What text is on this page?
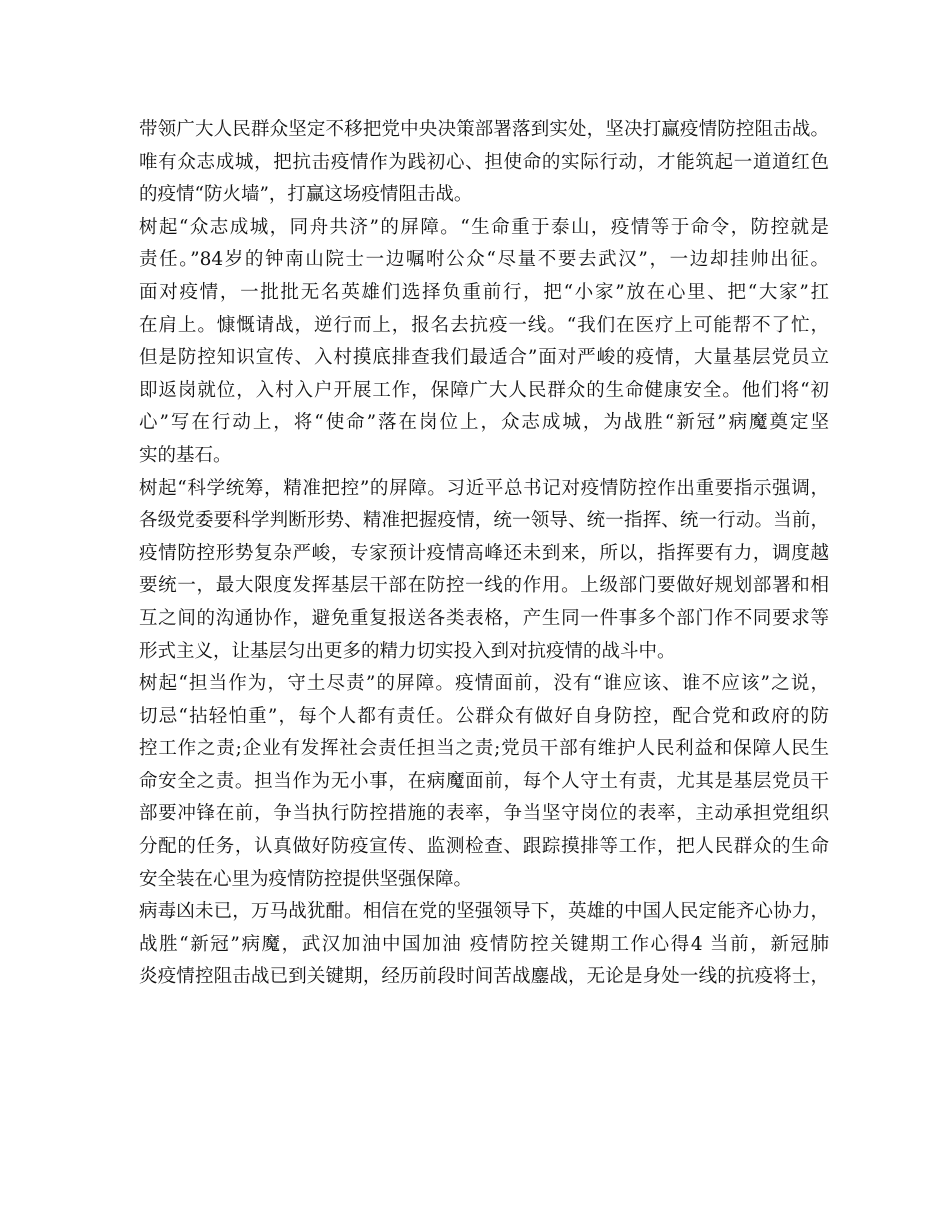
带领广大人民群众坚定不移把党中央决策部署落到实处，坚决打赢疫情防控阻击战。
唯有众志成城，把抗击疫情作为践初心、担使命的实际行动，才能筑起一道道红色
的疫情“防火墙”，打赢这场疫情阻击战。
树起“众志成城，同舟共济”的屏障。“生命重于泰山，疫情等于命令，防控就是
责任。”84岁的钟南山院士一边嘱咐公众“尽量不要去武汉”，一边却挂帅出征。
面对疫情，一批批无名英雄们选择负重前行，把“小家”放在心里、把“大家”扛
在肩上。慷慨请战，逆行而上，报名去抗疫一线。“我们在医疗上可能帮不了忙，
但是防控知识宣传、入村摸底排查我们最适合”面对严峻的疫情，大量基层党员立
即返岗就位，入村入户开展工作，保障广大人民群众的生命健康安全。他们将“初
心”写在行动上，将“使命”落在岗位上，众志成城，为战胜“新冠”病魔奠定坚
实的基石。
树起“科学统筹，精准把控”的屏障。习近平总书记对疫情防控作出重要指示强调，
各级党委要科学判断形势、精准把握疫情，统一领导、统一指挥、统一行动。当前，
疫情防控形势复杂严峻，专家预计疫情高峰还未到来，所以，指挥要有力，调度越
要统一，最大限度发挥基层干部在防控一线的作用。上级部门要做好规划部署和相
互之间的沟通协作，避免重复报送各类表格，产生同一件事多个部门作不同要求等
形式主义，让基层匀出更多的精力切实投入到对抗疫情的战斗中。
树起“担当作为，守土尽责”的屏障。疫情面前，没有“谁应该、谁不应该”之说，
切忌“拈轻怕重”，每个人都有责任。公群众有做好自身防控，配合党和政府的防
控工作之责;企业有发挥社会责任担当之责;党员干部有维护人民利益和保障人民生
命安全之责。担当作为无小事，在病魔面前，每个人守土有责，尤其是基层党员干
部要冲锋在前，争当执行防控措施的表率，争当坚守岗位的表率，主动承担党组织
分配的任务，认真做好防疫宣传、监测检查、跟踪摸排等工作，把人民群众的生命
安全装在心里为疫情防控提供坚强保障。
病毒凶未已，万马战犹酣。相信在党的坚强领导下，英雄的中国人民定能齐心协力，
战胜“新冠”病魔，武汉加油中国加油 疫情防控关键期工作心得4 当前，新冠肺
炎疫情控阻击战已到关键期，经历前段时间苦战鏖战，无论是身处一线的抗疫将士，
